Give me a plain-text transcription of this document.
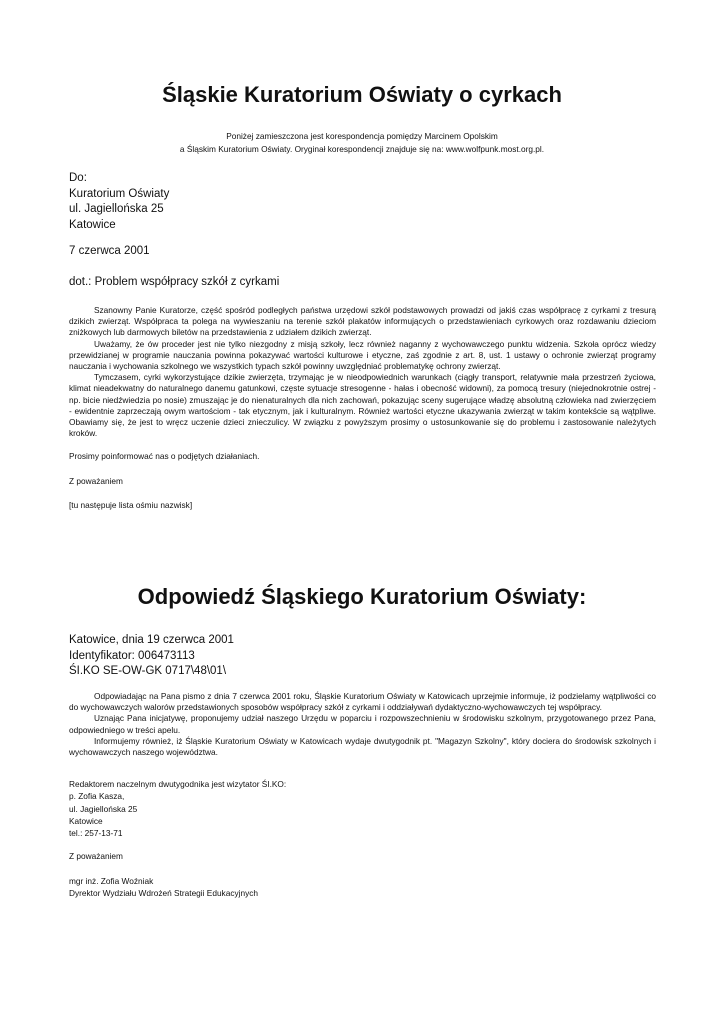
Śląskie Kuratorium Oświaty o cyrkach
Poniżej zamieszczona jest korespondencja pomiędzy Marcinem Opolskim
a Śląskim Kuratorium Oświaty. Oryginał korespondencji znajduje się na: www.wolfpunk.most.org.pl.
Do:
Kuratorium Oświaty
ul. Jagiellońska 25
Katowice
7 czerwca 2001
dot.: Problem współpracy szkół z cyrkami

Szanowny Panie Kuratorze, część spośród podległych państwa urzędowi szkół podstawowych prowadzi od jakiś czas współpracę z cyrkami z tresurą dzikich zwierząt. Współpraca ta polega na wywieszaniu na terenie szkół plakatów informujących o przedstawieniach cyrkowych oraz rozdawaniu dzieciom zniżkowych lub darmowych biletów na przedstawienia z udziałem dzikich zwierząt.

Uważamy, że ów proceder jest nie tylko niezgodny z misją szkoły, lecz również naganny z wychowawczego punktu widzenia. Szkoła oprócz wiedzy przewidzianej w programie nauczania powinna pokazywać wartości kulturowe i etyczne, zaś zgodnie z art. 8, ust. 1 ustawy o ochronie zwierząt programy nauczania i wychowania szkolnego we wszystkich typach szkół powinny uwzględniać problematykę ochrony zwierząt.

Tymczasem, cyrki wykorzystujące dzikie zwierzęta, trzymając je w nieodpowiednich warunkach (ciągły transport, relatywnie mała przestrzeń życiowa, klimat nieadekwatny do naturalnego danemu gatunkowi, częste sytuacje stresogenne - hałas i obecność widowni), za pomocą tresury (niejednokrotnie ostrej - np. bicie niedźwiedzia po nosie) zmuszając je do nienaturalnych dla nich zachowań, pokazując sceny sugerujące władzę absolutną człowieka nad zwierzęciem - ewidentnie zaprzeczają owym wartościom - tak etycznym, jak i kulturalnym. Również wartości etyczne ukazywania zwierząt w takim kontekście są wątpliwe. Obawiamy się, że jest to wręcz uczenie dzieci znieczulicy. W związku z powyższym prosimy o ustosunkowanie się do problemu i zastosowanie należytych kroków.

Prosimy poinformować nas o podjętych działaniach.
Z poważaniem
[tu następuje lista ośmiu nazwisk]
Odpowiedź Śląskiego Kuratorium Oświaty:
Katowice, dnia 19 czerwca 2001
Identyfikator: 006473113
ŚI.KO SE-OW-GK 0717\48\01\

Odpowiadając na Pana pismo z dnia 7 czerwca 2001 roku, Śląskie Kuratorium Oświaty w Katowicach uprzejmie informuje, iż podzielamy wątpliwości co do wychowawczych walorów przedstawionych sposobów współpracy szkół z cyrkami i oddziaływań dydaktyczno-wychowawczych tej współpracy.

Uznając Pana inicjatywę, proponujemy udział naszego Urzędu w poparciu i rozpowszechnieniu w środowisku szkolnym, przygotowanego przez Pana, odpowiedniego w treści apelu.

Informujemy również, iż Śląskie Kuratorium Oświaty w Katowicach wydaje dwutygodnik pt. "Magazyn Szkolny", który dociera do środowisk szkolnych i wychowawczych naszego województwa.

Redaktorem naczelnym dwutygodnika jest wizytator ŚI.KO:
p. Zofia Kasza,
ul. Jagiellońska 25
Katowice
tel.: 257-13-71
Z poważaniem
mgr inż. Zofia Woźniak
Dyrektor Wydziału Wdrożeń Strategii Edukacyjnych
